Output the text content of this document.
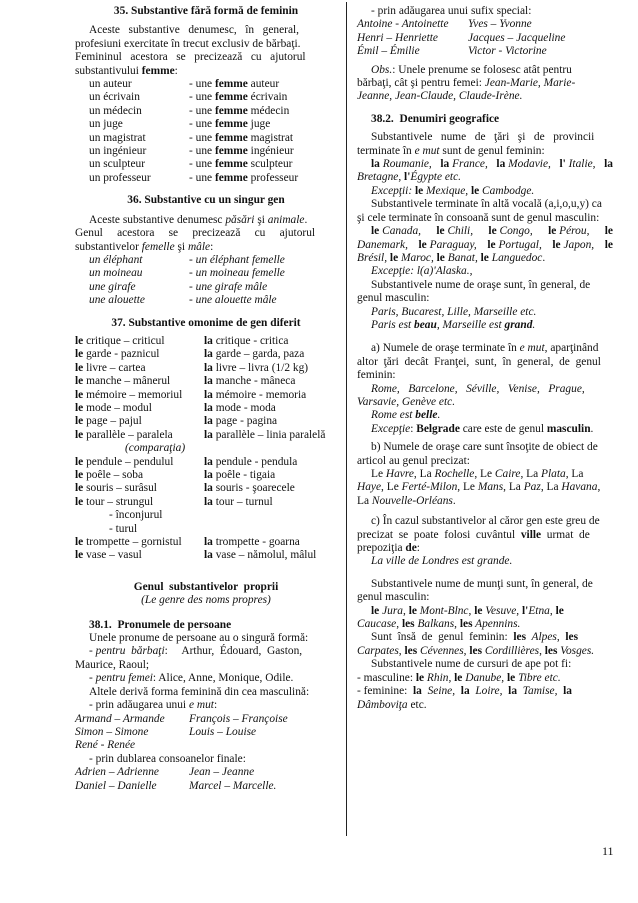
35. Substantive fără formă de feminin

Aceste   substantive   denumesc,   în   general,

profesiuni exercitate în trecut exclusiv de bărbaţi.

Femininul   acestora   se   precizează   cu   ajutorul

substantivului femme:

un auteur	- une femme auteur
un écrivain	- une femme écrivain
un médecin	- une femme médecin
un juge	- une femme juge
un magistrat	- une femme magistrat
un ingénieur	- une femme ingénieur
un sculpteur	- une femme sculpteur
un professeur	- une femme professeur

36. Substantive cu un singur gen

Aceste substantive denumesc păsări şi animale.

Genul     acestora     se     precizează     cu     ajutorul

substantivelor femelle şi mâle:

un éléphant	- un éléphant femelle
un moineau	- un moineau femelle
une girafe	- une girafe mâle
une alouette	- une alouette mâle

37. Substantive omonime de gen diferit

le critique – criticul	la critique - critica
le garde - paznicul	la garde – garda, paza
le livre – cartea	la livre – livra (1/2 kg)
le manche – mânerul	la manche - mâneca
le mémoire – memoriul	la mémoire - memoria
le mode – modul	la mode - moda
le page – pajul	la page - pagina
le parallèle – paralela	la parallèle – linia paralelă

(comparaţia)

le pendule – pendulul	la pendule - pendula
le poêle – soba	la poêle - tigaia
le souris – surâsul	la souris - şoarecele
le tour – strungul	la tour – turnul

- înconjurul

- turul

le trompette – gornistul	la trompette - goarna
le vase – vasul	la vase – nămolul, mâlul

Genul  substantivelor  proprii

(Le genre des noms propres)

38.1.  Pronumele de persoane

Unele pronume de persoane au o singură formă:

- pentru  bărbaţi:     Arthur,  Édouard,  Gaston,

Maurice, Raoul;

- pentru femei: Alice, Anne, Monique, Odile.

Altele derivă forma feminină din cea masculină:

- prin adăugarea unui e mut:

Armand – Armande	François – Françoise
Simon – Simone	Louis – Louise
René - Renée

- prin dublarea consoanelor finale:

Adrien – Adrienne	Jean – Jeanne
Daniel – Danielle	Marcel – Marcelle.

- prin adăugarea unui sufix special:

Antoine - Antoinette	Yves – Yvonne
Henri – Henriette	Jacques – Jacqueline
Émil – Émilie	Victor - Victorine

Obs.: Unele prenume se folosesc atât pentru

bărbaţi, cât şi pentru femei: Jean-Marie, Marie-

Jeanne, Jean-Claude, Claude-Irène.

38.2.  Denumiri geografice

Substantivele   nume   de   ţări   şi   de   provincii

terminate în e mut sunt de genul feminin:

la Roumanie, la France, la Modavie, l' Italie, la

Bretagne, l'Égypte etc.

Excepţii: le Mexique, le Cambodge.

Substantivele terminate în altă vocală (a,i,o,u,y) ca

şi cele terminate în consoană sunt de genul masculin:

le Canada, le Chili, le Congo, le Pérou, le

Danemark, le Paraguay, le Portugal, le Japon, le

Brésil, le Maroc, le Banat, le Languedoc.

Excepţie: l(a)'Alaska.,

Substantivele nume de oraşe sunt, în general, de

genul masculin:

Paris, Bucarest, Lille, Marseille etc.

Paris est beau, Marseille est grand.

a) Numele de oraşe terminate în e mut, aparţinând

altor  ţări  decât  Franţei,  sunt,  în  general,  de  genul

feminin:

Rome,   Barcelone,   Séville,   Venise,   Prague,

Varsavie, Genève etc.

Rome est belle.

Excepţie: Belgrade care este de genul masculin.

b) Numele de oraşe care sunt însoţite de obiect de

articol au genul precizat:

Le Havre, La Rochelle, Le Caire, La Plata, La

Haye, Le Ferté-Milon, Le Mans, La Paz, La Havana,

La Nouvelle-Orléans.

c) În cazul substantivelor al căror gen este greu de

precizat  se  poate  folosi  cuvântul  ville  urmat  de

prepoziţia de:

La ville de Londres est grande.

Substantivele nume de munţi sunt, în general, de

genul masculin:

le Jura, le Mont-Blnc, le Vesuve, l'Etna, le

Caucase, les Balkans, les Apennins.

Sunt  însă  de  genul  feminin:  les  Alpes,  les

Carpates, les Cévennes, les Cordillières, les Vosges.

Substantivele nume de cursuri de ape pot fi:

- masculine: le Rhin, le Danube, le Tibre etc.

- feminine:  la  Seine,  la  Loire,  la  Tamise,  la

Dâmboviţa etc.

11
